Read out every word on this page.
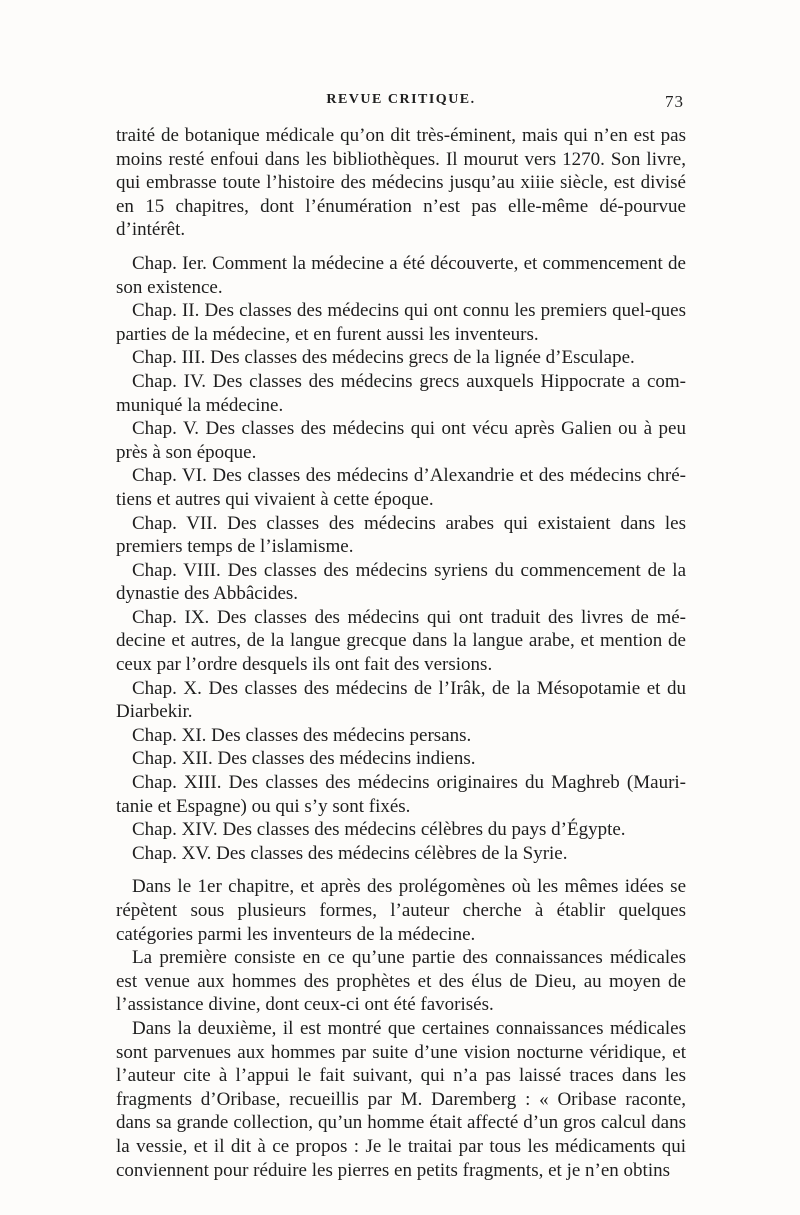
REVUE CRITIQUE.	73

traité de botanique médicale qu’on dit très-éminent, mais qui n’en est pas moins resté enfoui dans les bibliothèques. Il mourut vers 1270. Son livre, qui embrasse toute l’histoire des médecins jusqu’au xiiie siècle, est divisé en 15 chapitres, dont l’énumération n’est pas elle-même dé-pourvue d’intérêt.

Chap. Ier. Comment la médecine a été découverte, et commencement de son existence.

Chap. II. Des classes des médecins qui ont connu les premiers quel-ques parties de la médecine, et en furent aussi les inventeurs.

Chap. III. Des classes des médecins grecs de la lignée d’Esculape.

Chap. IV. Des classes des médecins grecs auxquels Hippocrate a com-muniqué la médecine.

Chap. V. Des classes des médecins qui ont vécu après Galien ou à peu près à son époque.

Chap. VI. Des classes des médecins d’Alexandrie et des médecins chré-tiens et autres qui vivaient à cette époque.

Chap. VII. Des classes des médecins arabes qui existaient dans les premiers temps de l’islamisme.

Chap. VIII. Des classes des médecins syriens du commencement de la dynastie des Abbâcides.

Chap. IX. Des classes des médecins qui ont traduit des livres de mé-decine et autres, de la langue grecque dans la langue arabe, et mention de ceux par l’ordre desquels ils ont fait des versions.

Chap. X. Des classes des médecins de l’Irâk, de la Mésopotamie et du Diarbekir.

Chap. XI. Des classes des médecins persans.

Chap. XII. Des classes des médecins indiens.

Chap. XIII. Des classes des médecins originaires du Maghreb (Mauri-tanie et Espagne) ou qui s’y sont fixés.

Chap. XIV. Des classes des médecins célèbres du pays d’Égypte.

Chap. XV. Des classes des médecins célèbres de la Syrie.

Dans le 1er chapitre, et après des prolégomènes où les mêmes idées se répètent sous plusieurs formes, l’auteur cherche à établir quelques catégories parmi les inventeurs de la médecine.

La première consiste en ce qu’une partie des connaissances médicales est venue aux hommes des prophètes et des élus de Dieu, au moyen de l’assistance divine, dont ceux-ci ont été favorisés.

Dans la deuxième, il est montré que certaines connaissances médicales sont parvenues aux hommes par suite d’une vision nocturne véridique, et l’auteur cite à l’appui le fait suivant, qui n’a pas laissé traces dans les fragments d’Oribase, recueillis par M. Daremberg : « Oribase raconte, dans sa grande collection, qu’un homme était affecté d’un gros calcul dans la vessie, et il dit à ce propos : Je le traitai par tous les médicaments qui conviennent pour réduire les pierres en petits fragments, et je n’en obtins
